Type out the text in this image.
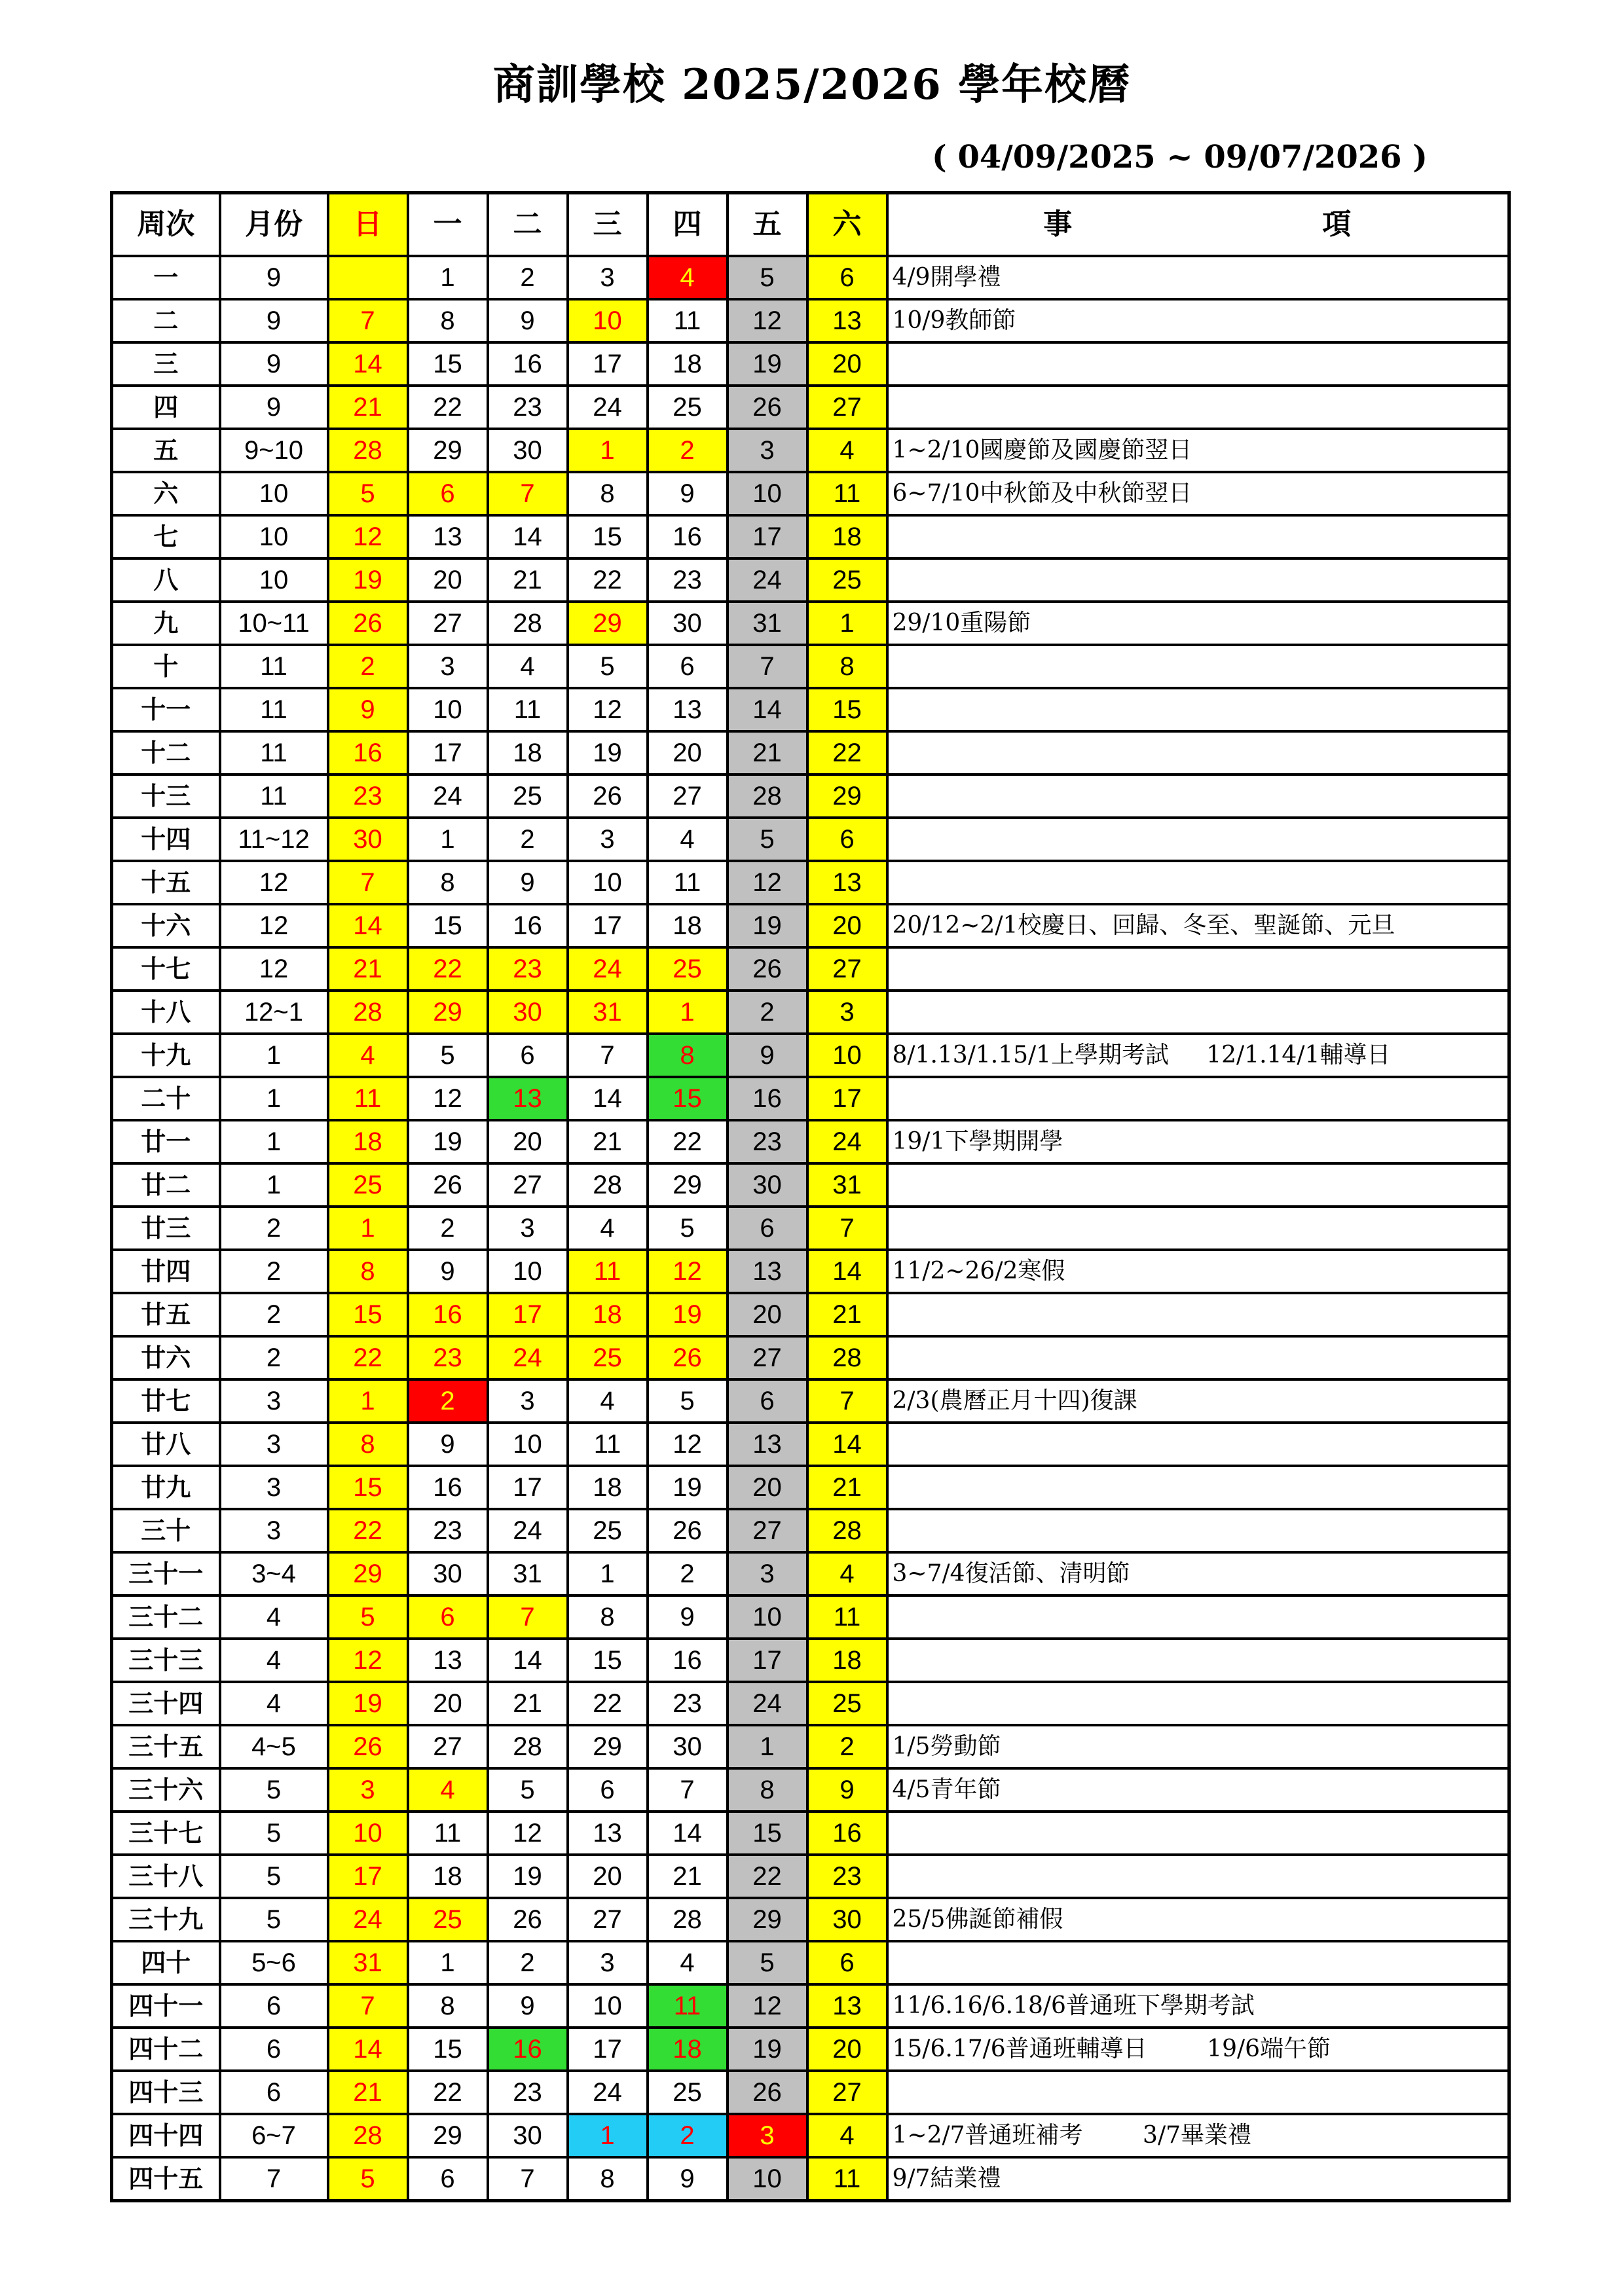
商訓學校 2025/2026 學年校曆
( 04/09/2025 ~ 09/07/2026 )
周次	月份	日	一	二	三	四	五	六	事 項
一	9		1	2	3	4	5	6	4/9開學禮
二	9	7	8	9	10	11	12	13	10/9教師節
三	9	14	15	16	17	18	19	20	
四	9	21	22	23	24	25	26	27	
五	9~10	28	29	30	1	2	3	4	1~2/10國慶節及國慶節翌日
六	10	5	6	7	8	9	10	11	6~7/10中秋節及中秋節翌日
七	10	12	13	14	15	16	17	18	
八	10	19	20	21	22	23	24	25	
九	10~11	26	27	28	29	30	31	1	29/10重陽節
十	11	2	3	4	5	6	7	8	
十一	11	9	10	11	12	13	14	15	
十二	11	16	17	18	19	20	21	22	
十三	11	23	24	25	26	27	28	29	
十四	11~12	30	1	2	3	4	5	6	
十五	12	7	8	9	10	11	12	13	
十六	12	14	15	16	17	18	19	20	20/12~2/1校慶日、回歸、冬至、聖誕節、元旦
十七	12	21	22	23	24	25	26	27	
十八	12~1	28	29	30	31	1	2	3	
十九	1	4	5	6	7	8	9	10	8/1.13/1.15/1上學期考試     12/1.14/1輔導日
二十	1	11	12	13	14	15	16	17	
廿一	1	18	19	20	21	22	23	24	19/1下學期開學
廿二	1	25	26	27	28	29	30	31	
廿三	2	1	2	3	4	5	6	7	
廿四	2	8	9	10	11	12	13	14	11/2~26/2寒假
廿五	2	15	16	17	18	19	20	21	
廿六	2	22	23	24	25	26	27	28	
廿七	3	1	2	3	4	5	6	7	2/3(農曆正月十四)復課
廿八	3	8	9	10	11	12	13	14	
廿九	3	15	16	17	18	19	20	21	
三十	3	22	23	24	25	26	27	28	
三十一	3~4	29	30	31	1	2	3	4	3~7/4復活節、清明節
三十二	4	5	6	7	8	9	10	11	
三十三	4	12	13	14	15	16	17	18	
三十四	4	19	20	21	22	23	24	25	
三十五	4~5	26	27	28	29	30	1	2	1/5勞動節
三十六	5	3	4	5	6	7	8	9	4/5青年節
三十七	5	10	11	12	13	14	15	16	
三十八	5	17	18	19	20	21	22	23	
三十九	5	24	25	26	27	28	29	30	25/5佛誕節補假
四十	5~6	31	1	2	3	4	5	6	
四十一	6	7	8	9	10	11	12	13	11/6.16/6.18/6普通班下學期考試
四十二	6	14	15	16	17	18	19	20	15/6.17/6普通班輔導日        19/6端午節
四十三	6	21	22	23	24	25	26	27	
四十四	6~7	28	29	30	1	2	3	4	1~2/7普通班補考        3/7畢業禮
四十五	7	5	6	7	8	9	10	11	9/7結業禮
